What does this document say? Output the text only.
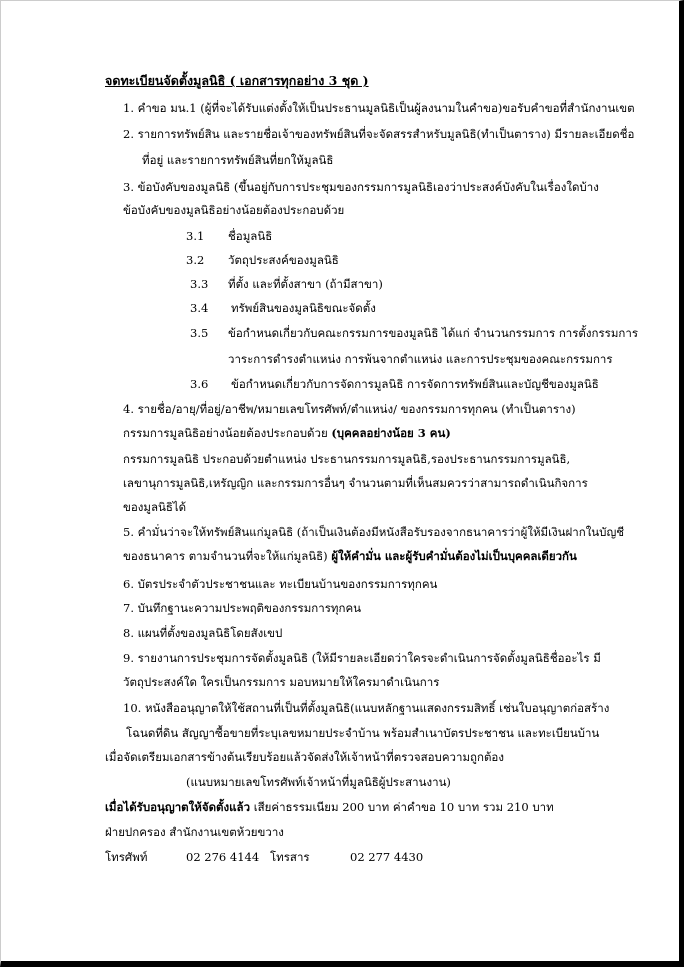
จดทะเบียนจัดตั้งมูลนิธิ ( เอกสารทุกอย่าง 3 ชุด )
1. คำขอ มน.1 (ผู้ที่จะได้รับแต่งตั้งให้เป็นประธานมูลนิธิเป็นผู้ลงนามในคำขอ)ขอรับคำขอที่สำนักงานเขต
2. รายการทรัพย์สิน และรายชื่อเจ้าของทรัพย์สินที่จะจัดสรรสำหรับมูลนิธิ(ทำเป็นตาราง) มีรายละเอียดชื่อ
ที่อยู่ และรายการทรัพย์สินที่ยกให้มูลนิธิ
3. ข้อบังคับของมูลนิธิ (ขึ้นอยู่กับการประชุมของกรรมการมูลนิธิเองว่าประสงค์บังคับในเรื่องใดบ้าง
ข้อบังคับของมูลนิธิอย่างน้อยต้องประกอบด้วย
3.1 ชื่อมูลนิธิ
3.2 วัตถุประสงค์ของมูลนิธิ
3.3 ที่ตั้ง และที่ตั้งสาขา (ถ้ามีสาขา)
3.4 ทรัพย์สินของมูลนิธิขณะจัดตั้ง
3.5 ข้อกำหนดเกี่ยวกับคณะกรรมการของมูลนิธิ ได้แก่ จำนวนกรรมการ การตั้งกรรมการ
วาระการดำรงตำแหน่ง การพ้นจากตำแหน่ง และการประชุมของคณะกรรมการ
3.6 ข้อกำหนดเกี่ยวกับการจัดการมูลนิธิ การจัดการทรัพย์สินและบัญชีของมูลนิธิ
4. รายชื่อ/อายุ/ที่อยู่/อาชีพ/หมายเลขโทรศัพท์/ตำแหน่ง/ ของกรรมการทุกคน (ทำเป็นตาราง)
กรรมการมูลนิธิอย่างน้อยต้องประกอบด้วย (บุคคลอย่างน้อย 3 คน)
กรรมการมูลนิธิ ประกอบด้วยตำแหน่ง ประธานกรรมการมูลนิธิ,รองประธานกรรมการมูลนิธิ,
เลขานุการมูลนิธิ,เหรัญญิก และกรรมการอื่นๆ จำนวนตามที่เห็นสมควรว่าสามารถดำเนินกิจการ
ของมูลนิธิได้
5. คำมั่นว่าจะให้ทรัพย์สินแก่มูลนิธิ (ถ้าเป็นเงินต้องมีหนังสือรับรองจากธนาคารว่าผู้ให้มีเงินฝากในบัญชี
ของธนาคาร ตามจำนวนที่จะให้แก่มูลนิธิ) ผู้ให้คำมั่น และผู้รับคำมั่นต้องไม่เป็นบุคคลเดียวกัน
6. บัตรประจำตัวประชาชนและ ทะเบียนบ้านของกรรมการทุกคน
7. บันทึกฐานะความประพฤติของกรรมการทุกคน
8. แผนที่ตั้งของมูลนิธิโดยสังเขป
9. รายงานการประชุมการจัดตั้งมูลนิธิ (ให้มีรายละเอียดว่าใครจะดำเนินการจัดตั้งมูลนิธิชื่ออะไร มี
วัตถุประสงค์ใด ใครเป็นกรรมการ มอบหมายให้ใครมาดำเนินการ
10. หนังสืออนุญาตให้ใช้สถานที่เป็นที่ตั้งมูลนิธิ(แนบหลักฐานแสดงกรรมสิทธิ์ เช่นใบอนุญาตก่อสร้าง
โฉนดที่ดิน สัญญาซื้อขายที่ระบุเลขหมายประจำบ้าน พร้อมสำเนาบัตรประชาชน และทะเบียนบ้าน
เมื่อจัดเตรียมเอกสารข้างต้นเรียบร้อยแล้วจัดส่งให้เจ้าหน้าที่ตรวจสอบความถูกต้อง
(แนบหมายเลขโทรศัพท์เจ้าหน้าที่มูลนิธิผู้ประสานงาน)
เมื่อได้รับอนุญาตให้จัดตั้งแล้ว เสียค่าธรรมเนียม 200 บาท ค่าคำขอ 10 บาท รวม 210 บาท
ฝ่ายปกครอง สำนักงานเขตห้วยขวาง
โทรศัพท์	02 276 4144 โทรสาร	02 277 4430
